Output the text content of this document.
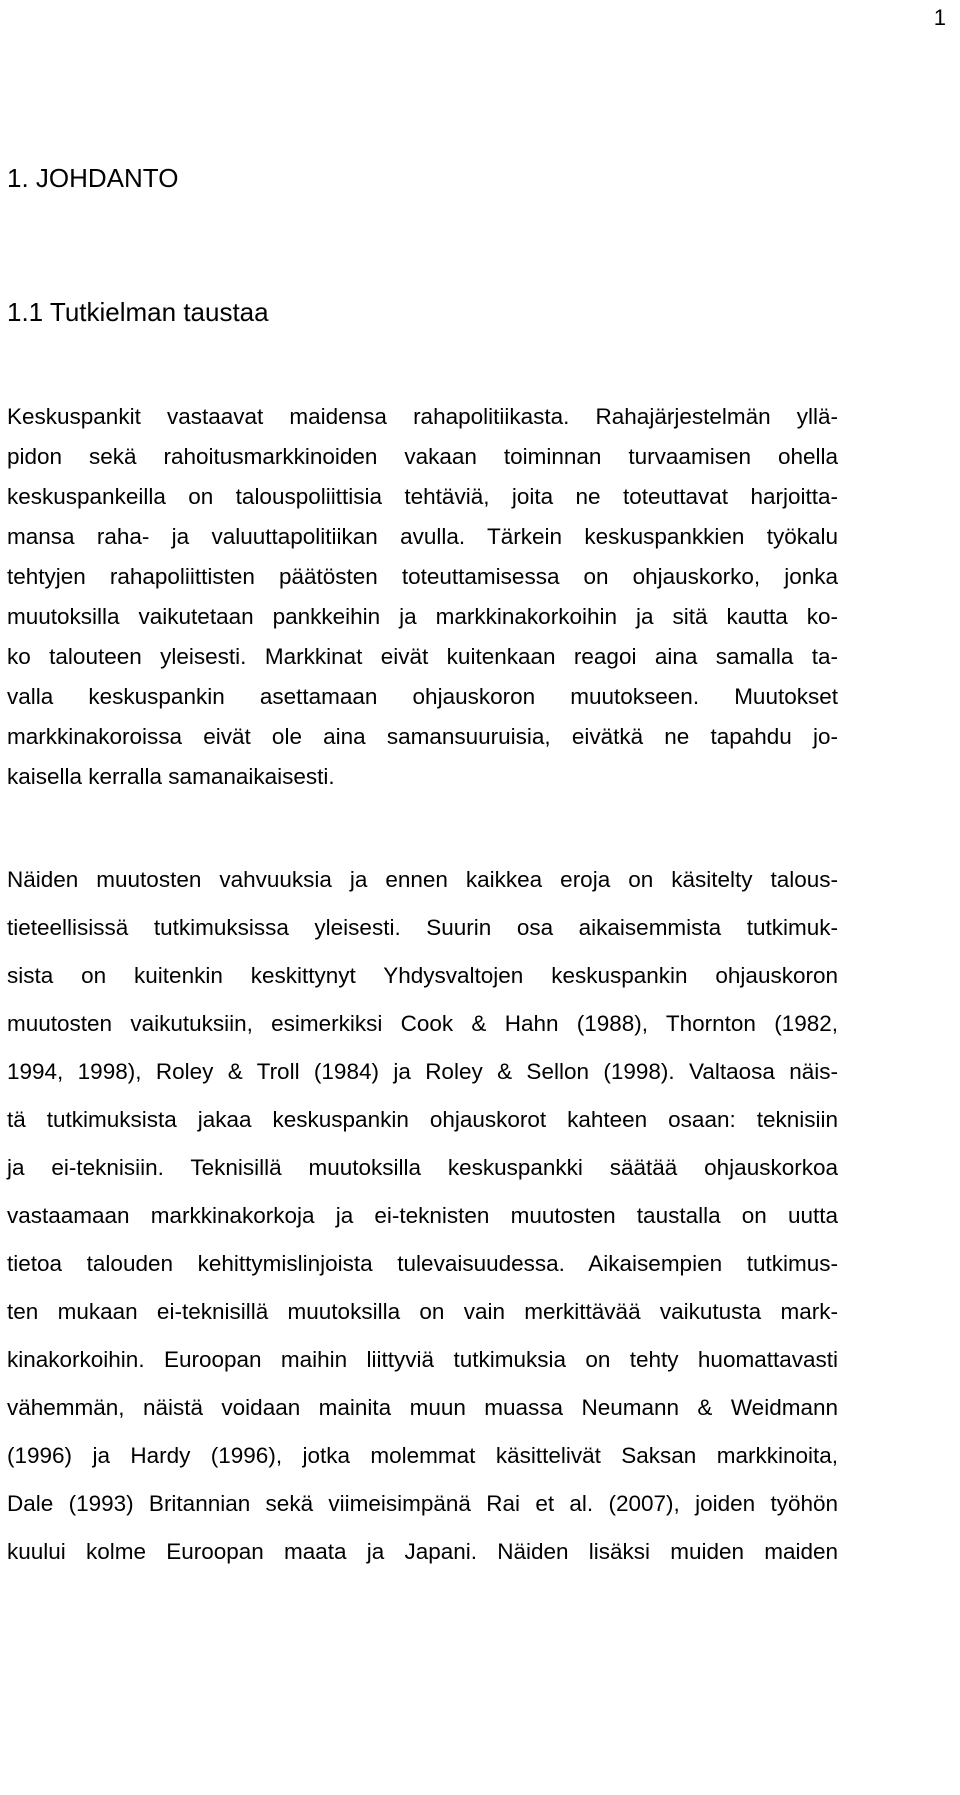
1
1. JOHDANTO
1.1 Tutkielman taustaa

Keskuspankit vastaavat maidensa rahapolitiikasta. Rahajärjestelmän yllä-

pidon sekä rahoitusmarkkinoiden vakaan toiminnan turvaamisen ohella

keskuspankeilla on talouspoliittisia tehtäviä, joita ne toteuttavat harjoitta-

mansa raha- ja valuuttapolitiikan avulla. Tärkein keskuspankkien työkalu

tehtyjen rahapoliittisten päätösten toteuttamisessa on ohjauskorko, jonka

muutoksilla vaikutetaan pankkeihin ja markkinakorkoihin ja sitä kautta ko-

ko talouteen yleisesti. Markkinat eivät kuitenkaan reagoi aina samalla ta-

valla keskuspankin asettamaan ohjauskoron muutokseen. Muutokset

markkinakoroissa eivät ole aina samansuuruisia, eivätkä ne tapahdu jo-

kaisella kerralla samanaikaisesti.

Näiden muutosten vahvuuksia ja ennen kaikkea eroja on käsitelty talous-

tieteellisissä tutkimuksissa yleisesti. Suurin osa aikaisemmista tutkimuk-

sista on kuitenkin keskittynyt Yhdysvaltojen keskuspankin ohjauskoron

muutosten vaikutuksiin, esimerkiksi Cook & Hahn (1988), Thornton (1982,

1994, 1998), Roley & Troll (1984) ja Roley & Sellon (1998). Valtaosa näis-

tä tutkimuksista jakaa keskuspankin ohjauskorot kahteen osaan: teknisiin

ja ei-teknisiin. Teknisillä muutoksilla keskuspankki säätää ohjauskorkoa

vastaamaan markkinakorkoja ja ei-teknisten muutosten taustalla on uutta

tietoa talouden kehittymislinjoista tulevaisuudessa. Aikaisempien tutkimus-

ten mukaan ei-teknisillä muutoksilla on vain merkittävää vaikutusta mark-

kinakorkoihin. Euroopan maihin liittyviä tutkimuksia on tehty huomattavasti

vähemmän, näistä voidaan mainita muun muassa Neumann & Weidmann

(1996) ja Hardy (1996), jotka molemmat käsittelivät Saksan markkinoita,

Dale (1993) Britannian sekä viimeisimpänä Rai et al. (2007), joiden työhön

kuului kolme Euroopan maata ja Japani. Näiden lisäksi muiden maiden
